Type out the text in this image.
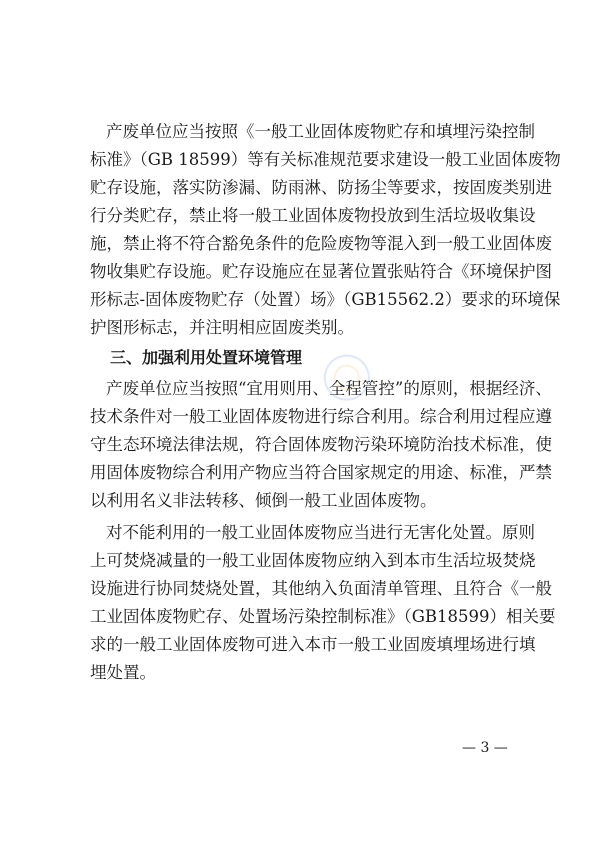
产废单位应当按照《一般工业固体废物贮存和填埋污染控制
标准》（GB 18599）等有关标准规范要求建设一般工业固体废物
贮存设施，落实防渗漏、防雨淋、防扬尘等要求，按固废类别进
行分类贮存，禁止将一般工业固体废物投放到生活垃圾收集设
施，禁止将不符合豁免条件的危险废物等混入到一般工业固体废
物收集贮存设施。贮存设施应在显著位置张贴符合《环境保护图
形标志-固体废物贮存（处置）场》（GB15562.2）要求的环境保
护图形标志，并注明相应固废类别。
三、加强利用处置环境管理
产废单位应当按照“宜用则用、全程管控”的原则，根据经济、
技术条件对一般工业固体废物进行综合利用。综合利用过程应遵
守生态环境法律法规，符合固体废物污染环境防治技术标准，使
用固体废物综合利用产物应当符合国家规定的用途、标准，严禁
以利用名义非法转移、倾倒一般工业固体废物。
对不能利用的一般工业固体废物应当进行无害化处置。原则
上可焚烧减量的一般工业固体废物应纳入到本市生活垃圾焚烧
设施进行协同焚烧处置，其他纳入负面清单管理、且符合《一般
工业固体废物贮存、处置场污染控制标准》（GB18599）相关要
求的一般工业固体废物可进入本市一般工业固废填埋场进行填
埋处置。
— 3 —
